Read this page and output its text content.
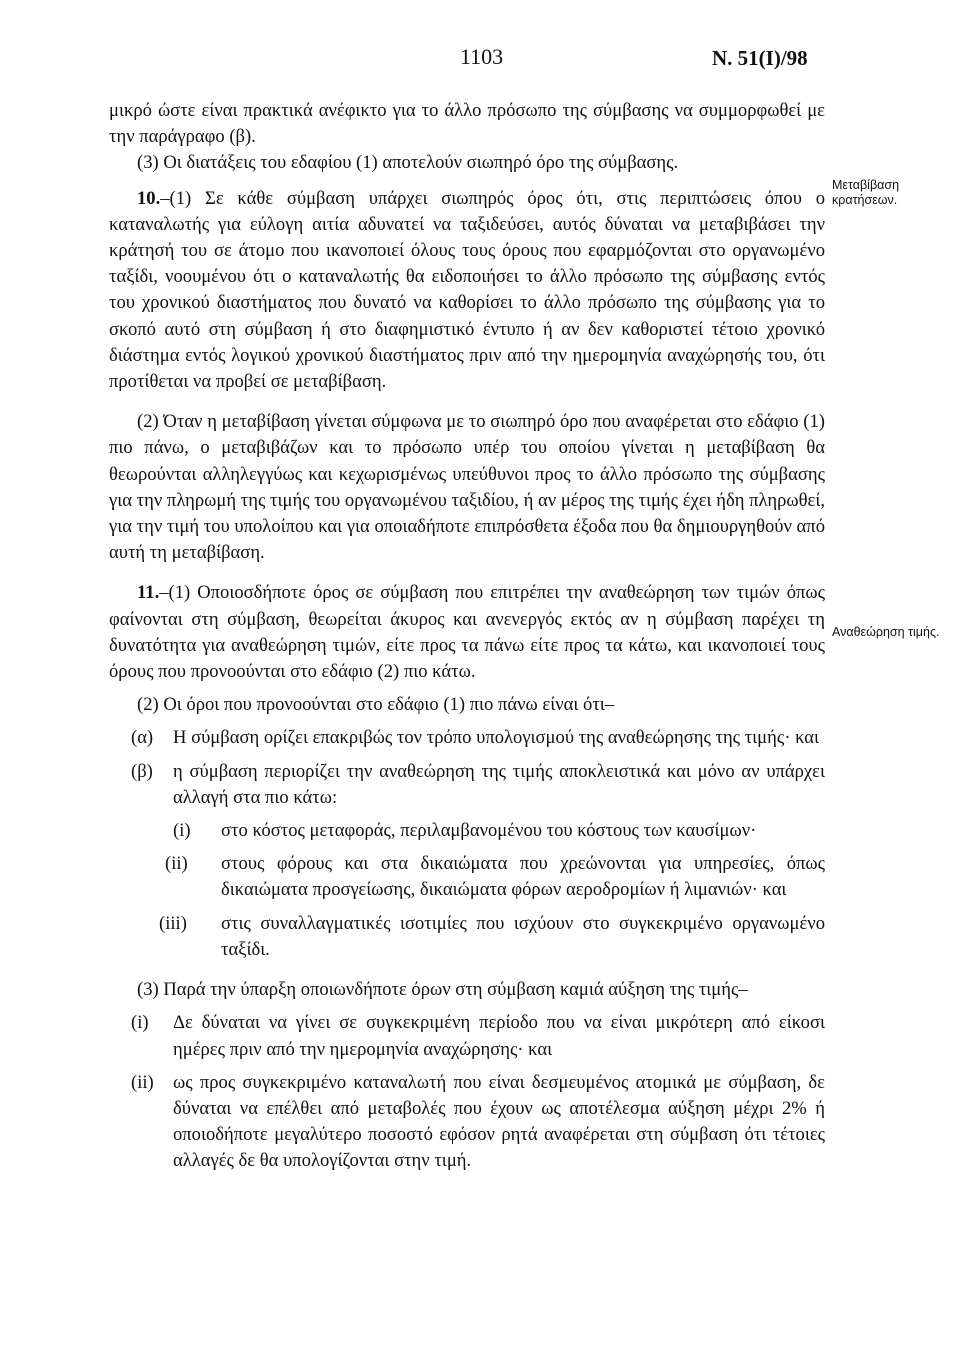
1103	Ν. 51(Ι)/98
Μεταβίβαση κρατήσεων.
Αναθεώρηση τιμής.

μικρό ώστε είναι πρακτικά ανέφικτο για το άλλο πρόσωπο της σύμβασης να συμμορφωθεί με την παράγραφο (β).

(3) Οι διατάξεις του εδαφίου (1) αποτελούν σιωπηρό όρο της σύμβασης.

10.–(1) Σε κάθε σύμβαση υπάρχει σιωπηρός όρος ότι, στις περιπτώσεις όπου ο καταναλωτής για εύλογη αιτία αδυνατεί να ταξιδεύσει, αυτός δύναται να μεταβιβάσει την κράτησή του σε άτομο που ικανοποιεί όλους τους όρους που εφαρμόζονται στο οργανωμένο ταξίδι, νοουμένου ότι ο καταναλωτής θα ειδοποιήσει το άλλο πρόσωπο της σύμβασης εντός του χρονικού διαστήματος που δυνατό να καθορίσει το άλλο πρόσωπο της σύμβασης για το σκοπό αυτό στη σύμβαση ή στο διαφημιστικό έντυπο ή αν δεν καθοριστεί τέτοιο χρονικό διάστημα εντός λογικού χρονικού διαστήματος πριν από την ημερομηνία αναχώρησής του, ότι προτίθεται να προβεί σε μεταβίβαση.

(2) Όταν η μεταβίβαση γίνεται σύμφωνα με το σιωπηρό όρο που αναφέρεται στο εδάφιο (1) πιο πάνω, ο μεταβιβάζων και το πρόσωπο υπέρ του οποίου γίνεται η μεταβίβαση θα θεωρούνται αλληλεγγύως και κεχωρισμένως υπεύθυνοι προς το άλλο πρόσωπο της σύμβασης για την πληρωμή της τιμής του οργανωμένου ταξιδίου, ή αν μέρος της τιμής έχει ήδη πληρωθεί, για την τιμή του υπολοίπου και για οποιαδήποτε επιπρόσθετα έξοδα που θα δημιουργηθούν από αυτή τη μεταβίβαση.

11.–(1) Οποιοσδήποτε όρος σε σύμβαση που επιτρέπει την αναθεώρηση των τιμών όπως φαίνονται στη σύμβαση, θεωρείται άκυρος και ανενεργός εκτός αν η σύμβαση παρέχει τη δυνατότητα για αναθεώρηση τιμών, είτε προς τα πάνω είτε προς τα κάτω, και ικανοποιεί τους όρους που προνοούνται στο εδάφιο (2) πιο κάτω.

(2) Οι όροι που προνοούνται στο εδάφιο (1) πιο πάνω είναι ότι–

(α) Η σύμβαση ορίζει επακριβώς τον τρόπο υπολογισμού της αναθεώρησης της τιμής· και

(β) η σύμβαση περιορίζει την αναθεώρηση της τιμής αποκλειστικά και μόνο αν υπάρχει αλλαγή στα πιο κάτω:

(i) στο κόστος μεταφοράς, περιλαμβανομένου του κόστους των καυσίμων·

(ii) στους φόρους και στα δικαιώματα που χρεώνονται για υπηρεσίες, όπως δικαιώματα προσγείωσης, δικαιώματα φόρων αεροδρομίων ή λιμανιών· και

(iii) στις συναλλαγματικές ισοτιμίες που ισχύουν στο συγκεκριμένο οργανωμένο ταξίδι.

(3) Παρά την ύπαρξη οποιωνδήποτε όρων στη σύμβαση καμιά αύξηση της τιμής–

(i) Δε δύναται να γίνει σε συγκεκριμένη περίοδο που να είναι μικρότερη από είκοσι ημέρες πριν από την ημερομηνία αναχώρησης· και

(ii) ως προς συγκεκριμένο καταναλωτή που είναι δεσμευμένος ατομικά με σύμβαση, δε δύναται να επέλθει από μεταβολές που έχουν ως αποτέλεσμα αύξηση μέχρι 2% ή οποιοδήποτε μεγαλύτερο ποσοστό εφόσον ρητά αναφέρεται στη σύμβαση ότι τέτοιες αλλαγές δε θα υπολογίζονται στην τιμή.
